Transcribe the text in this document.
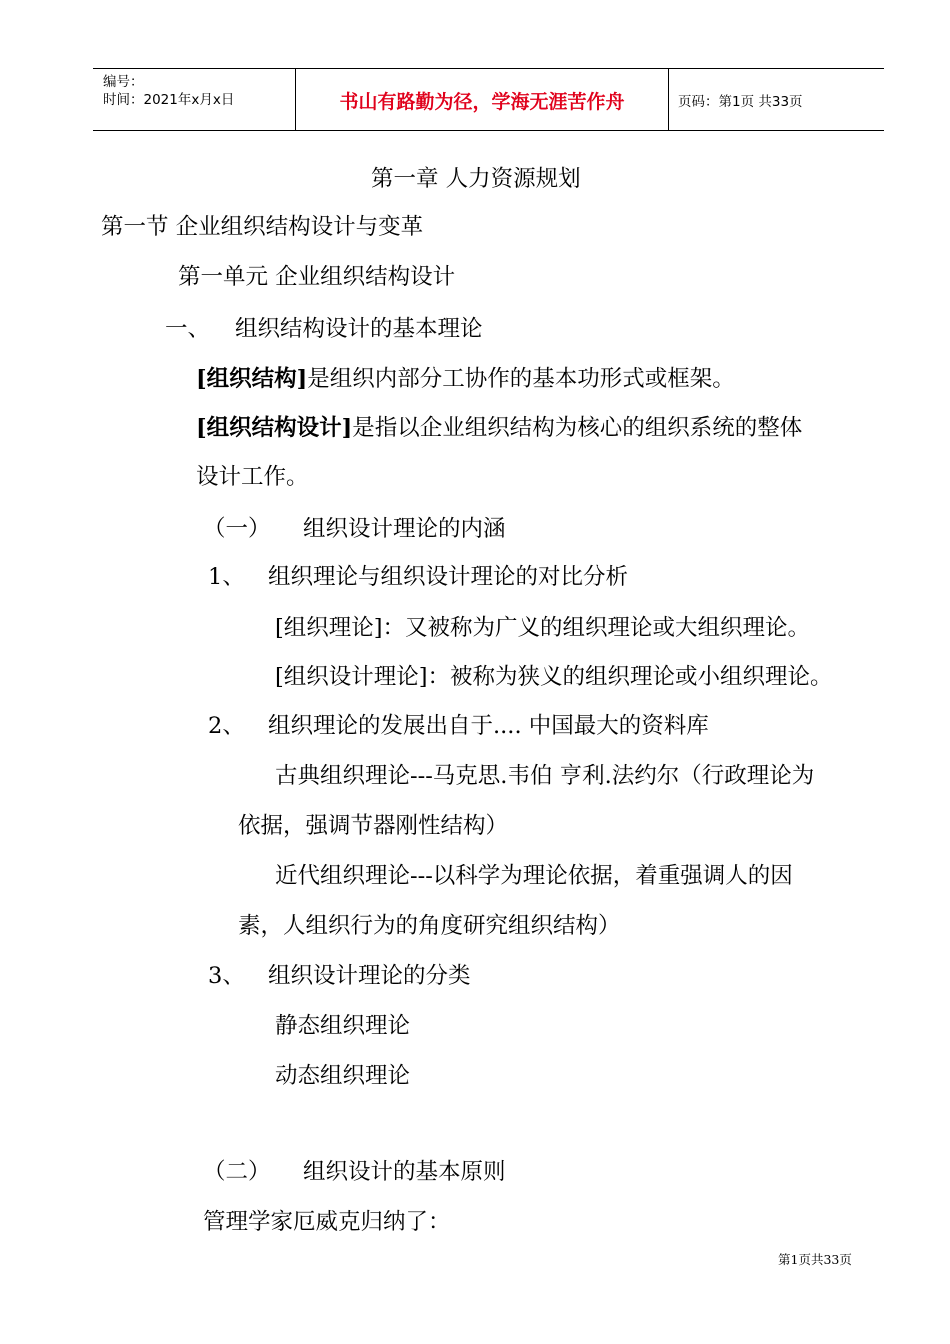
编号：
时间：2021年x月x日	书山有路勤为径，学海无涯苦作舟	页码：第1页 共33页
第一章 人力资源规划
第一节 企业组织结构设计与变革
第一单元 企业组织结构设计
一、 组织结构设计的基本理论
[组织结构]是组织内部分工协作的基本功形式或框架。
[组织结构设计]是指以企业组织结构为核心的组织系统的整体
设计工作。
（一） 组织设计理论的内涵
1、 组织理论与组织设计理论的对比分析
[组织理论]：又被称为广义的组织理论或大组织理论。
[组织设计理论]：被称为狭义的组织理论或小组织理论。
2、 组织理论的发展出自于.... 中国最大的资料库
古典组织理论---马克思.韦伯 亨利.法约尔（行政理论为
依据，强调节器刚性结构）
近代组织理论---以科学为理论依据，着重强调人的因
素，人组织行为的角度研究组织结构）
3、 组织设计理论的分类
静态组织理论
动态组织理论
（二） 组织设计的基本原则
管理学家厄威克归纳了：
第1页共33页
